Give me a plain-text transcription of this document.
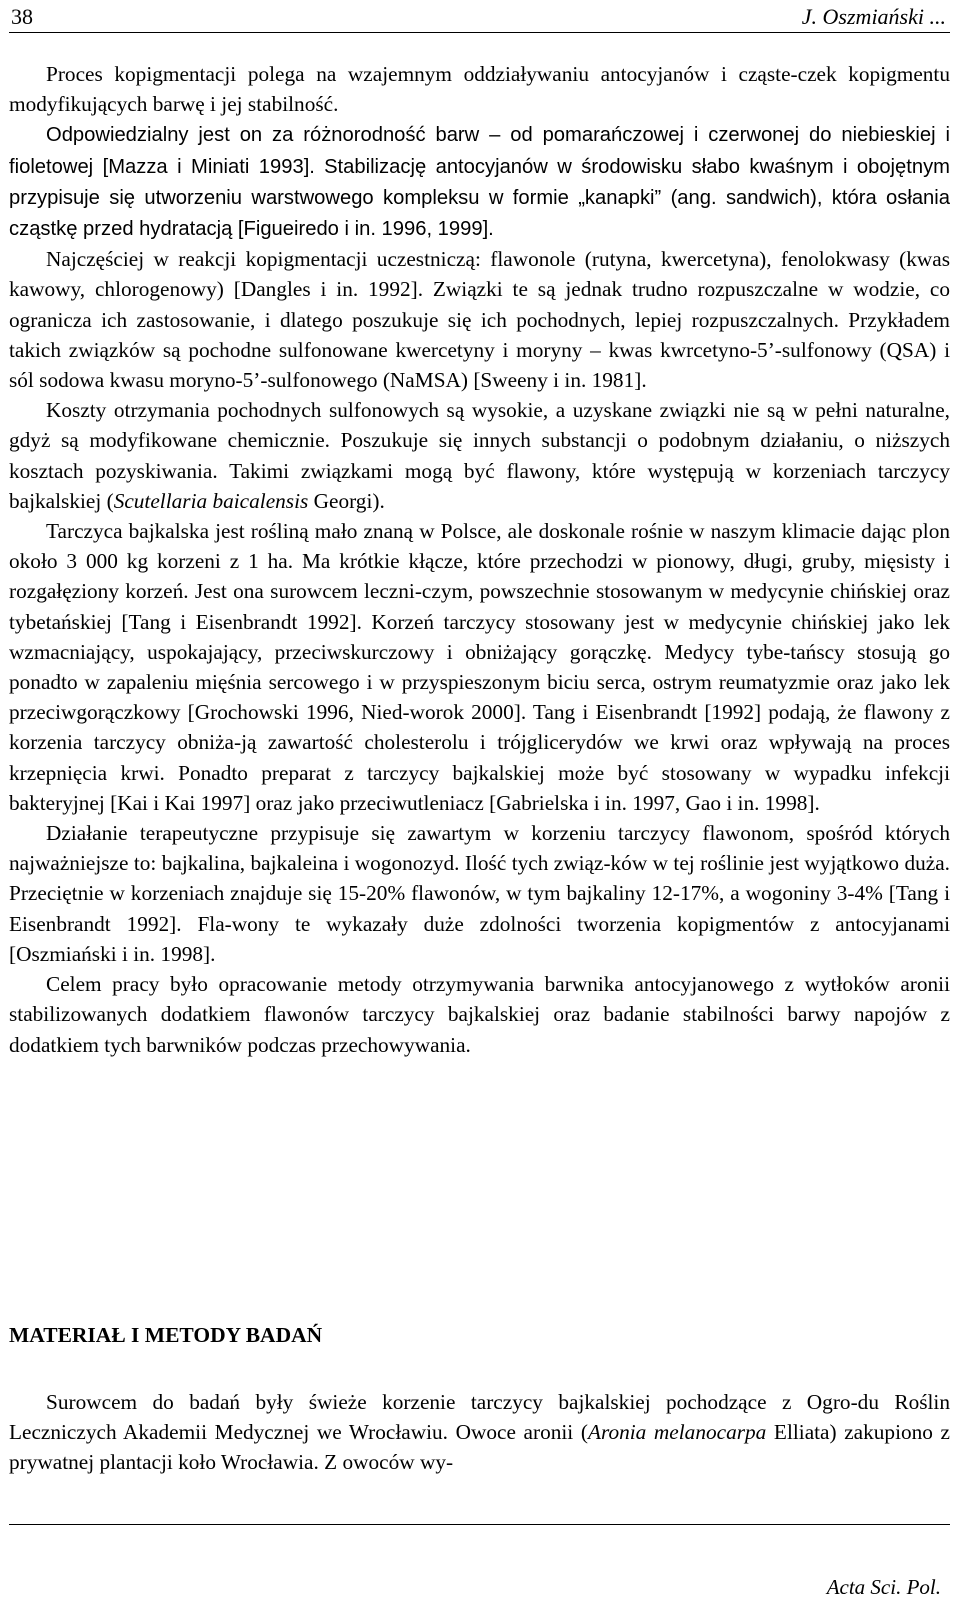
38	J. Oszmiański ...

Proces kopigmentacji polega na wzajemnym oddziaływaniu antocyjanów i cząste-czek kopigmentu modyfikujących barwę i jej stabilność.

Odpowiedzialny jest on za różnorodność barw – od pomarańczowej i czerwonej do niebieskiej i fioletowej [Mazza i Miniati 1993]. Stabilizację antocyjanów w środowisku słabo kwaśnym i obojętnym przypisuje się utworzeniu warstwowego kompleksu w formie „kanapki” (ang. sandwich), która osłania cząstkę przed hydratacją [Figueiredo i in. 1996, 1999].

Najczęściej w reakcji kopigmentacji uczestniczą: flawonole (rutyna, kwercetyna), fenolokwasy (kwas kawowy, chlorogenowy) [Dangles i in. 1992]. Związki te są jednak trudno rozpuszczalne w wodzie, co ogranicza ich zastosowanie, i dlatego poszukuje się ich pochodnych, lepiej rozpuszczalnych. Przykładem takich związków są pochodne sulfonowane kwercetyny i moryny – kwas kwrcetyno-5’-sulfonowy (QSA) i sól sodowa kwasu moryno-5’-sulfonowego (NaMSA) [Sweeny i in. 1981].

Koszty otrzymania pochodnych sulfonowych są wysokie, a uzyskane związki nie są w pełni naturalne, gdyż są modyfikowane chemicznie. Poszukuje się innych substancji o podobnym działaniu, o niższych kosztach pozyskiwania. Takimi związkami mogą być flawony, które występują w korzeniach tarczycy bajkalskiej (Scutellaria baicalensis Georgi).

Tarczyca bajkalska jest rośliną mało znaną w Polsce, ale doskonale rośnie w naszym klimacie dając plon około 3 000 kg korzeni z 1 ha. Ma krótkie kłącze, które przechodzi w pionowy, długi, gruby, mięsisty i rozgałęziony korzeń. Jest ona surowcem leczni-czym, powszechnie stosowanym w medycynie chińskiej oraz tybetańskiej [Tang i Eisenbrandt 1992]. Korzeń tarczycy stosowany jest w medycynie chińskiej jako lek wzmacniający, uspokajający, przeciwskurczowy i obniżający gorączkę. Medycy tybe-tańscy stosują go ponadto w zapaleniu mięśnia sercowego i w przyspieszonym biciu serca, ostrym reumatyzmie oraz jako lek przeciwgorączkowy [Grochowski 1996, Nied-worok 2000]. Tang i Eisenbrandt [1992] podają, że flawony z korzenia tarczycy obniża-ją zawartość cholesterolu i trójglicerydów we krwi oraz wpływają na proces krzepnięcia krwi. Ponadto preparat z tarczycy bajkalskiej może być stosowany w wypadku infekcji bakteryjnej [Kai i Kai 1997] oraz jako przeciwutleniacz [Gabrielska i in. 1997, Gao i in. 1998].

Działanie terapeutyczne przypisuje się zawartym w korzeniu tarczycy flawonom, spośród których najważniejsze to: bajkalina, bajkaleina i wogonozyd. Ilość tych związ-ków w tej roślinie jest wyjątkowo duża. Przeciętnie w korzeniach znajduje się 15-20% flawonów, w tym bajkaliny 12-17%, a wogoniny 3-4% [Tang i Eisenbrandt 1992]. Fla-wony te wykazały duże zdolności tworzenia kopigmentów z antocyjanami [Oszmiański i in. 1998].

Celem pracy było opracowanie metody otrzymywania barwnika antocyjanowego z wytłoków aronii stabilizowanych dodatkiem flawonów tarczycy bajkalskiej oraz badanie stabilności barwy napojów z dodatkiem tych barwników podczas przechowywania.

MATERIAŁ I METODY BADAŃ

Surowcem do badań były świeże korzenie tarczycy bajkalskiej pochodzące z Ogro-du Roślin Leczniczych Akademii Medycznej we Wrocławiu. Owoce aronii (Aronia melanocarpa Elliata) zakupiono z prywatnej plantacji koło Wrocławia. Z owoców wy-

Acta Sci. Pol.
